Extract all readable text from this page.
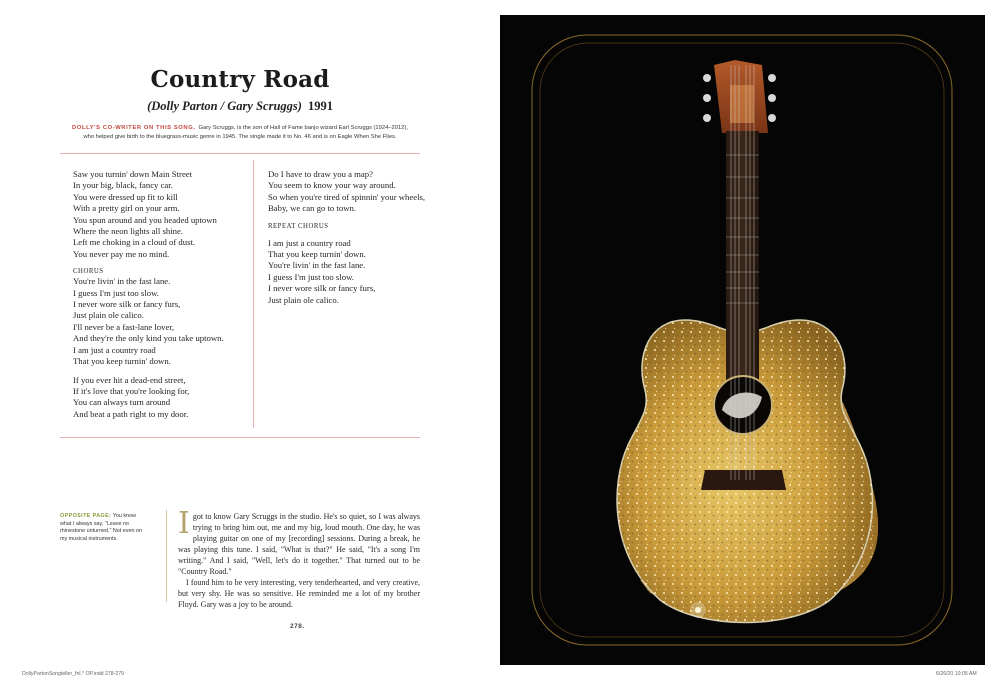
Country Road
(Dolly Parton / Gary Scruggs) 1991
DOLLY'S CO-WRITER ON THIS SONG, Gary Scruggs, is the son of Hall of Fame banjo wizard Earl Scruggs (1924–2012),
who helped give birth to the bluegrass-music genre in 1945. The single made it to No. 46 and is on Eagle When She Flies.
Saw you turnin' down Main Street
In your big, black, fancy car.
You were dressed up fit to kill
With a pretty girl on your arm.
You spun around and you headed uptown
Where the neon lights all shine.
Left me choking in a cloud of dust.
You never pay me no mind.
CHORUS
You're livin' in the fast lane.
I guess I'm just too slow.
I never wore silk or fancy furs,
Just plain ole calico.
I'll never be a fast-lane lover,
And they're the only kind you take uptown.
I am just a country road
That you keep turnin' down.
If you ever hit a dead-end street,
If it's love that you're looking for,
You can always turn around
And beat a path right to my door.
Do I have to draw you a map?
You seem to know your way around.
So when you're tired of spinnin' your wheels,
Baby, we can go to town.
REPEAT CHORUS
I am just a country road
That you keep turnin' down.
You're livin' in the fast lane.
I guess I'm just too slow.
I never wore silk or fancy furs,
Just plain ole calico.
OPPOSITE PAGE: You know what I always say, "Leave no rhinestone unturned." Not even on my musical instruments.	Igot to know Gary Scruggs in the studio. He's so quiet, so I was always trying to bring him out, me and my big, loud mouth. One day, he was playing guitar on one of my [recording] sessions. During a break, he was playing this tune. I said, "What is that?" He said, "It's a song I'm writing." And I said, "Well, let's do it together." That turned out to be "Country Road."

I found him to be very interesting, very tenderhearted, and very creative, but very shy. He was so sensitive. He reminded me a lot of my brother Floyd. Gary was a joy to be around.

278.
DollyPartonSongteller_fnl.* OP.indd 278-279	6/26/20 10:05 AM
